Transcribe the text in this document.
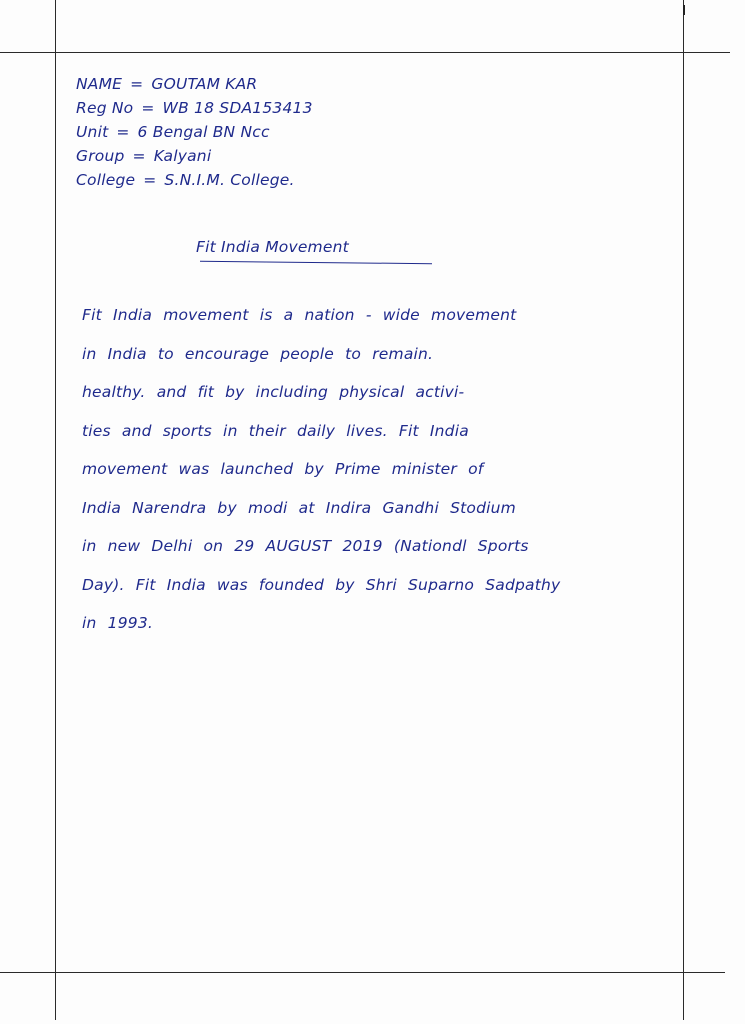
NAME = GOUTAM KAR
Reg No = WB 18 SDA153413
Unit = 6 Bengal BN Ncc
Group = Kalyani
College = S.N.I.M. College.
Fit India Movement
Fit India movement is a nation - wide movement
in India to encourage people to remain.
healthy. and fit by including physical activi-
ties and sports in their daily lives. Fit India
movement was launched by Prime minister of
India Narendra by modi at Indira Gandhi Stodium
in new Delhi on 29 AUGUST 2019 (Nationdl Sports
Day). Fit India was founded by Shri Suparno Sadpathy
in 1993.
